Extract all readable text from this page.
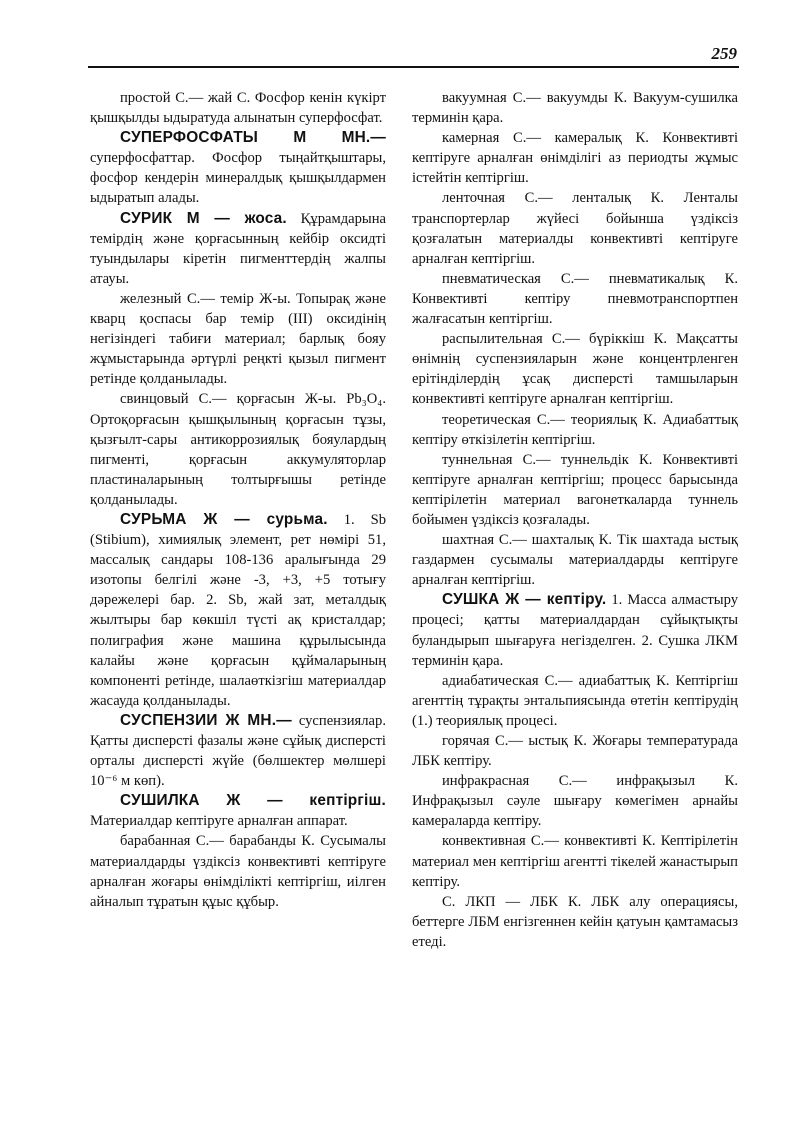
259

простой С.— жай С. Фосфор кенін күкірт қышқылды ыдыратуда алынатын суперфосфат.

СУПЕРФОСФАТЫ М МН.— суперфосфаттар. Фосфор тыңайтқыштары, фосфор кендерін минералдық қышқылдармен ыдыратып алады.

СУРИК М — жоса. Құрамдарына темірдің және қорғасынның кейбір оксидті туындылары кіретін пигменттердің жалпы атауы.

железный С.— темір Ж-ы. Топырақ және кварц қоспасы бар темір (III) оксидінің негізіндегі табиғи материал; барлық бояу жұмыстарында әртүрлі реңкті қызыл пигмент ретінде қолданылады.

свинцовый С.— қорғасын Ж-ы. Pb₃O₄. Ортоқорғасын қышқылының қорғасын тұзы, қызғылт-сары антикоррозиялық бояулардың пигменті, қорғасын аккумуляторлар пластиналарының толтырғышы ретінде қолданылады.

СУРЬМА Ж — сурьма. 1. Sb (Stibium), химиялық элемент, рет нөмірі 51, массалық сандары 108-136 аралығында 29 изотопы белгілі және -3, +3, +5 тотығу дәрежелері бар. 2. Sb, жай зат, металдық жылтыры бар көкшіл түсті ақ кристалдар; полиграфия және машина құрылысында калайы және қорғасын құймаларының компоненті ретінде, шалаөткізгіш материалдар жасауда қолданылады.

СУСПЕНЗИИ Ж МН.— суспензиялар. Қатты дисперсті фазалы және сұйық дисперсті орталы дисперсті жүйе (бөлшектер мөлшері 10⁻⁶ м көп).

СУШИЛКА Ж — кептіргіш. Материалдар кептіруге арналған аппарат.

барабанная С.— барабанды К. Сусымалы материалдарды үздіксіз конвективті кептіруге арналған жоғары өнімділікті кептіргіш, иілген айналып тұратын құыс құбыр.

вакуумная С.— вакуумды К. Вакуум-сушилка терминін қара.

камерная С.— камералық К. Конвективті кептіруге арналған өнімділігі аз периодты жұмыс істейтін кептіргіш.

ленточная С.— ленталық К. Ленталы транспортерлар жүйесі бойынша үздіксіз қозғалатын материалды конвективті кептіруге арналған кептіргіш.

пневматическая С.— пневматикалық К. Конвективті кептіру пневмотранспортпен жалғасатын кептіргіш.

распылительная С.— бүріккіш К. Мақсатты өнімнің суспензияларын және концентрленген ерітінділердің ұсақ дисперсті тамшыларын конвективті кептіруге арналған кептіргіш.

теоретическая С.— теориялық К. Адиабаттық кептіру өткізілетін кептіргіш.

туннельная С.— туннельдік К. Конвективті кептіруге арналған кептіргіш; процесс барысында кептірілетін материал вагонеткаларда туннель бойымен үздіксіз қозғалады.

шахтная С.— шахталық К. Тік шахтада ыстық газдармен сусымалы материалдарды кептіруге арналған кептіргіш.

СУШКА Ж — кептіру. 1. Масса алмастыру процесі; қатты материалдардан сұйықтықты буландырып шығаруға негізделген. 2. Сушка ЛКМ терминін қара.

адиабатическая С.— адиабаттық К. Кептіргіш агенттің тұрақты энтальпиясында өтетін кептірудің (1.) теориялық процесі.

горячая С.— ыстық К. Жоғары температурада ЛБК кептіру.

инфракрасная С.— инфрақызыл К. Инфрақызыл сәуле шығару көмегімен арнайы камераларда кептіру.

конвективная С.— конвективті К. Кептірілетін материал мен кептіргіш агентті тікелей жанастырып кептіру.

С. ЛКП — ЛБК К. ЛБК алу операциясы, беттерге ЛБМ енгізгеннен кейін қатуын қамтамасыз етеді.
